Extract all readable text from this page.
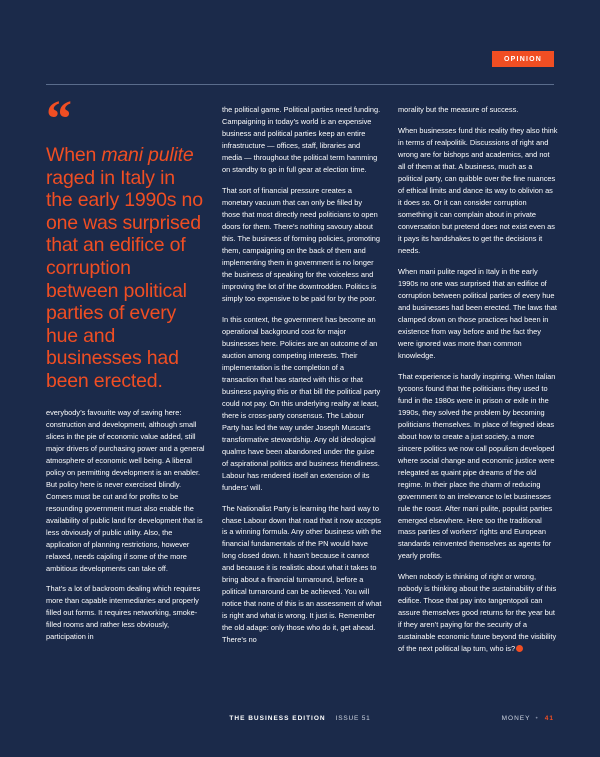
OPINION
“
When mani pulite raged in Italy in the early 1990s no one was surprised that an edifice of corruption between political parties of every hue and businesses had been erected.

everybody’s favourite way of saving here: construction and development, although small slices in the pie of economic value added, still major drivers of purchasing power and a general atmosphere of economic well being. A liberal policy on permitting development is an enabler. But policy here is never exercised blindly. Corners must be cut and for profits to be resounding government must also enable the availability of public land for development that is less obviously of public utility. Also, the application of planning restrictions, however relaxed, needs cajoling if some of the more ambitious developments can take off.

That’s a lot of backroom dealing which requires more than capable intermediaries and properly filled out forms. It requires networking, smoke-filled rooms and rather less obviously, participation in

the political game. Political parties need funding. Campaigning in today’s world is an expensive business and political parties keep an entire infrastructure — offices, staff, libraries and media — throughout the political term hamming on standby to go in full gear at election time.

That sort of financial pressure creates a monetary vacuum that can only be filled by those that most directly need politicians to open doors for them. There’s nothing savoury about this. The business of forming policies, promoting them, campaigning on the back of them and implementing them in government is no longer the business of speaking for the voiceless and improving the lot of the downtrodden. Politics is simply too expensive to be paid for by the poor.

In this context, the government has become an operational background cost for major businesses here. Policies are an outcome of an auction among competing interests. Their implementation is the completion of a transaction that has started with this or that business paying this or that bill the political party could not pay. On this underlying reality at least, there is cross-party consensus. The Labour Party has led the way under Joseph Muscat’s transformative stewardship. Any old ideological qualms have been abandoned under the guise of aspirational politics and business friendliness. Labour has rendered itself an extension of its funders’ will.

The Nationalist Party is learning the hard way to chase Labour down that road that it now accepts is a winning formula. Any other business with the financial fundamentals of the PN would have long closed down. It hasn’t because it cannot and because it is realistic about what it takes to bring about a financial turnaround, before a political turnaround can be achieved. You will notice that none of this is an assessment of what is right and what is wrong. It just is. Remember the old adage: only those who do it, get ahead. There’s no

morality but the measure of success.

When businesses fund this reality they also think in terms of realpolitik. Discussions of right and wrong are for bishops and academics, and not all of them at that. A business, much as a political party, can quibble over the fine nuances of ethical limits and dance its way to oblivion as it does so. Or it can consider corruption something it can complain about in private conversation but pretend does not exist even as it pays its handshakes to get the decisions it needs.

When mani pulite raged in Italy in the early 1990s no one was surprised that an edifice of corruption between political parties of every hue and businesses had been erected. The laws that clamped down on those practices had been in existence from way before and the fact they were ignored was more than common knowledge.

That experience is hardly inspiring. When Italian tycoons found that the politicians they used to fund in the 1980s were in prison or exile in the 1990s, they solved the problem by becoming politicians themselves. In place of feigned ideas about how to create a just society, a more sincere politics we now call populism developed where social change and economic justice were relegated as quaint pipe dreams of the old regime. In their place the charm of reducing government to an irrelevance to let businesses rule the roost. After mani pulite, populist parties emerged elsewhere. Here too the traditional mass parties of workers’ rights and European standards reinvented themselves as agents for yearly profits.

When nobody is thinking of right or wrong, nobody is thinking about the sustainability of this edifice. Those that pay into tangentopoli can assure themselves good returns for the year but if they aren’t paying for the security of a sustainable economic future beyond the visibility of the next political lap turn, who is?

THE BUSINESS EDITION ISSUE 51	MONEY • 41
